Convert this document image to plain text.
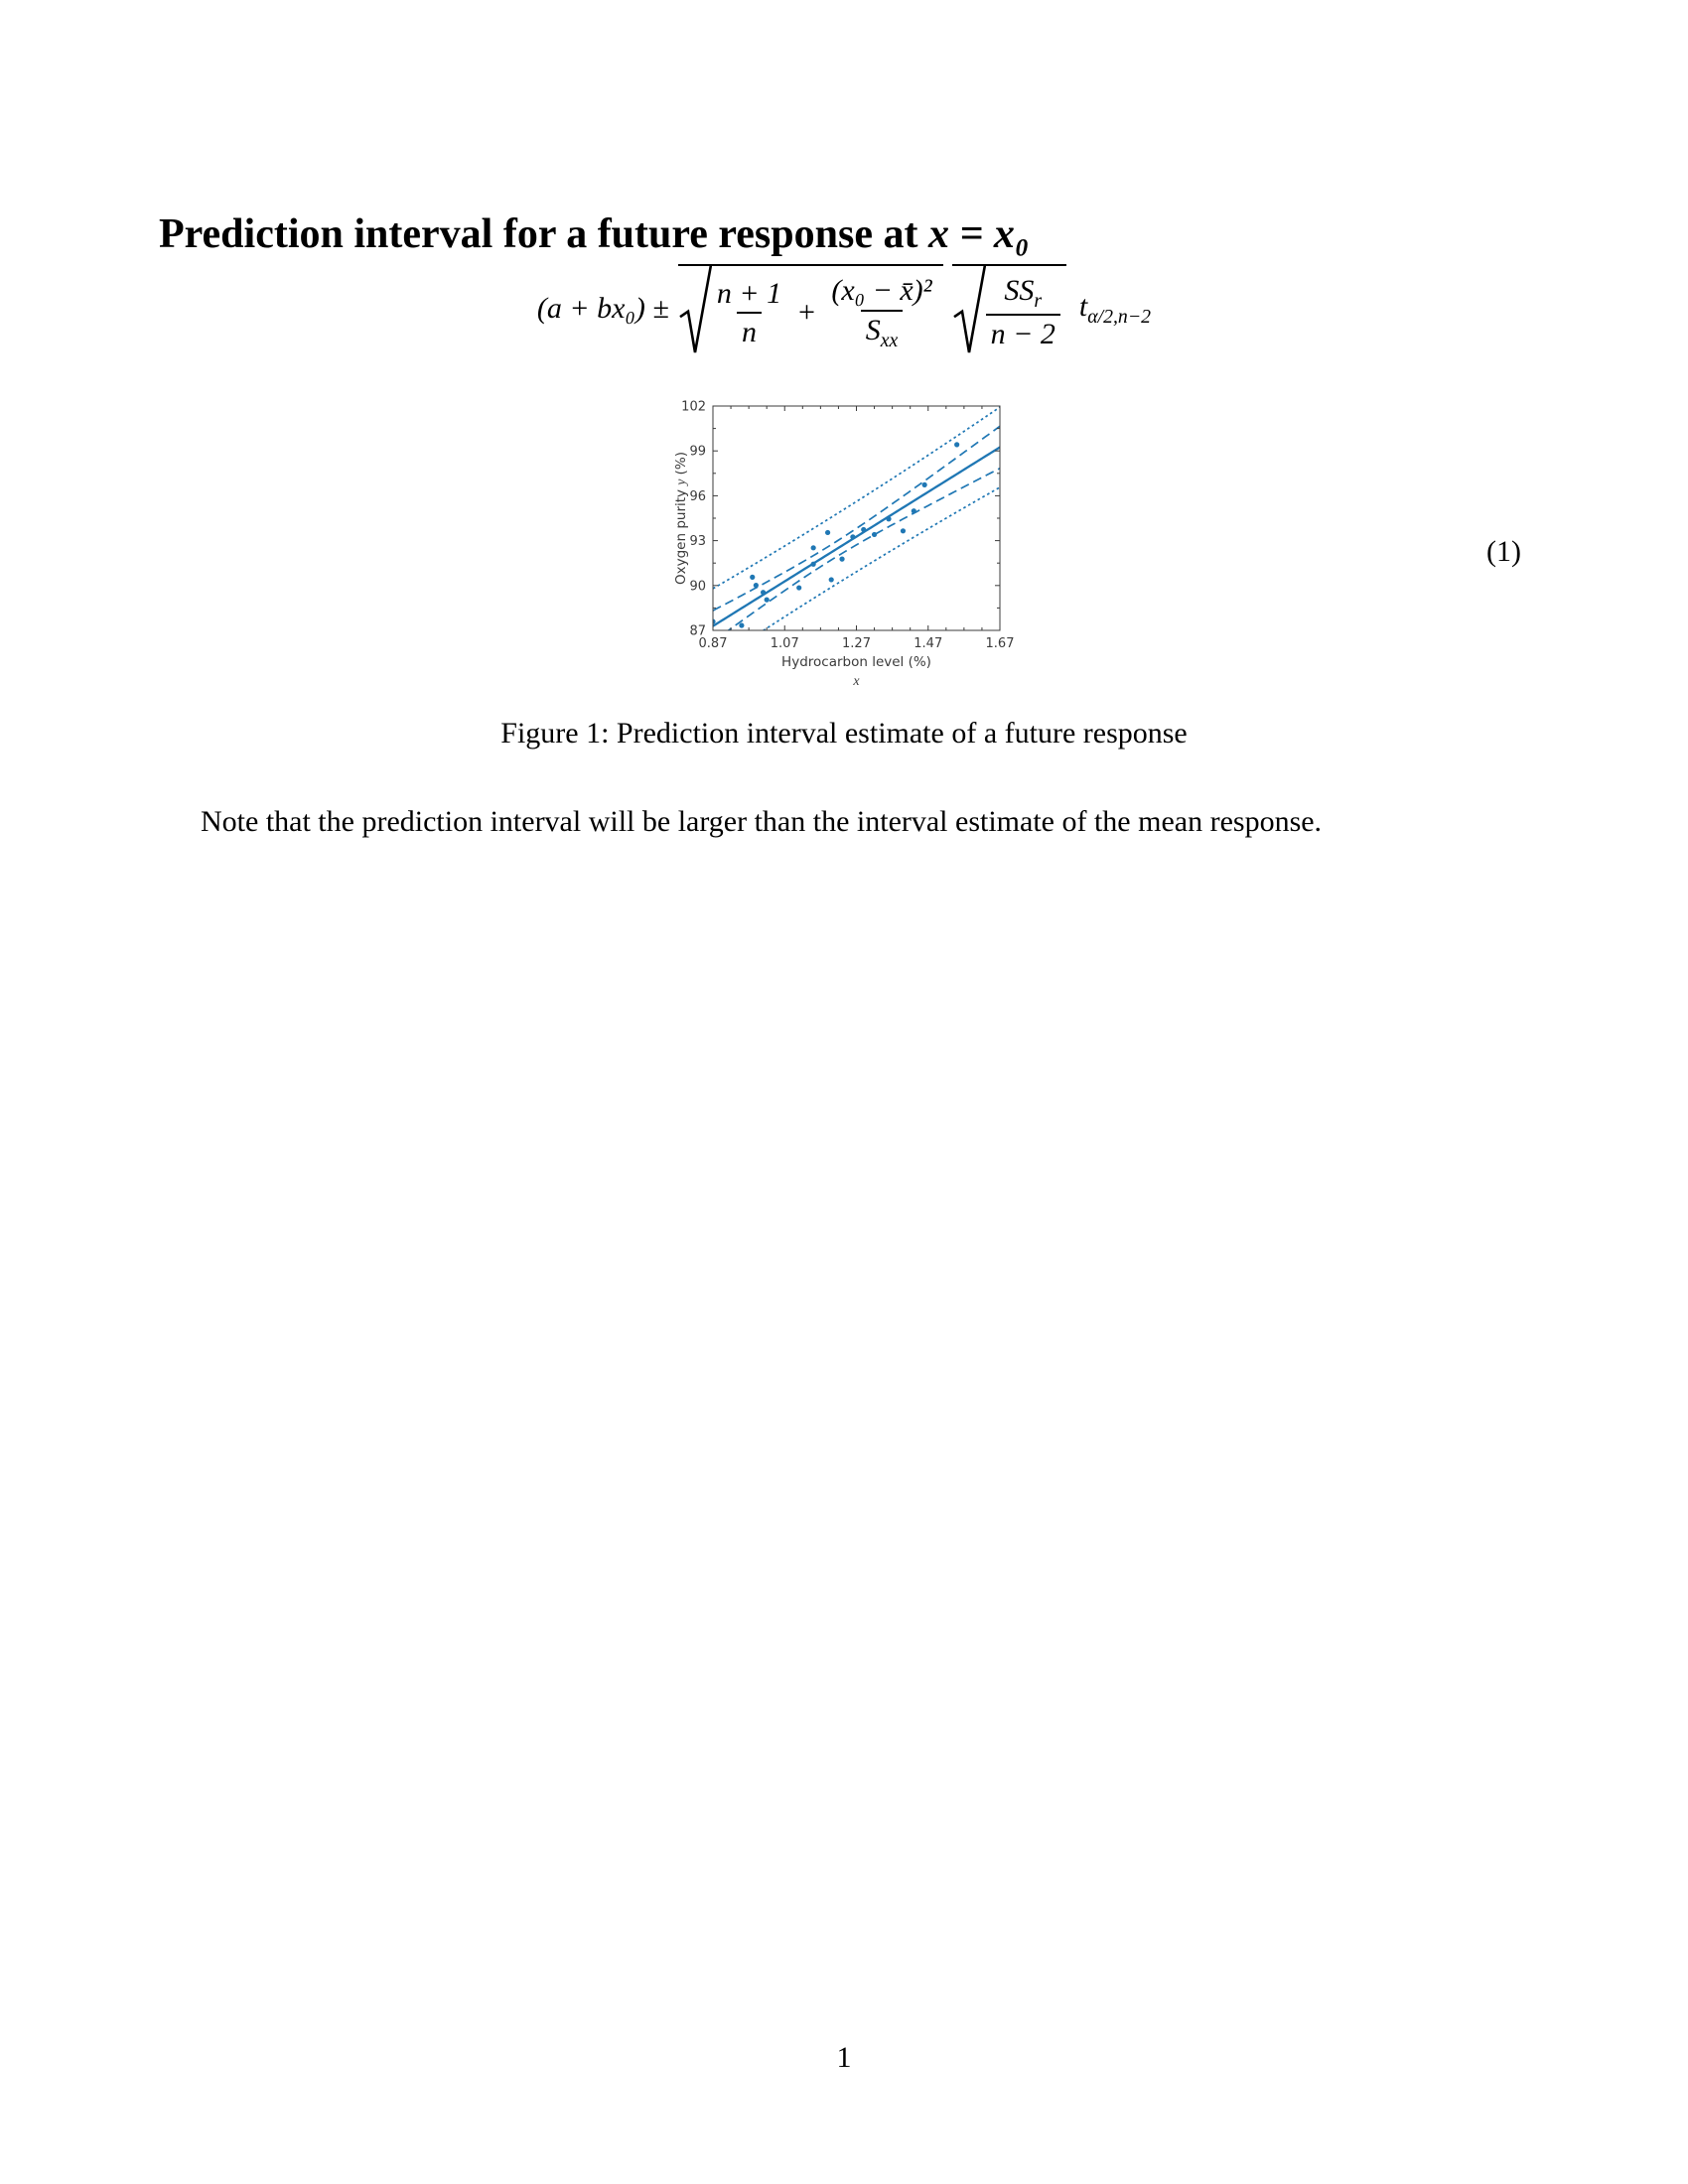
Prediction interval for a future response at x = x₀
$(a + bx_0) \pm \frac{n + 1}{n} + \frac{\text{(x₀ − x̄)²}}{S_{xx}} \frac{SS_r}{n - 2} t_{\alpha/2,n-2}$
(1)
0.87	1.07	1.27	1.47	1.67
87
90
93
96
99
102
Hydrocarbon level (%)
x
Oxygen purity y (%)
Figure 1: Prediction interval estimate of a future response

Note that the prediction interval will be larger than the interval estimate of the mean response.

1
